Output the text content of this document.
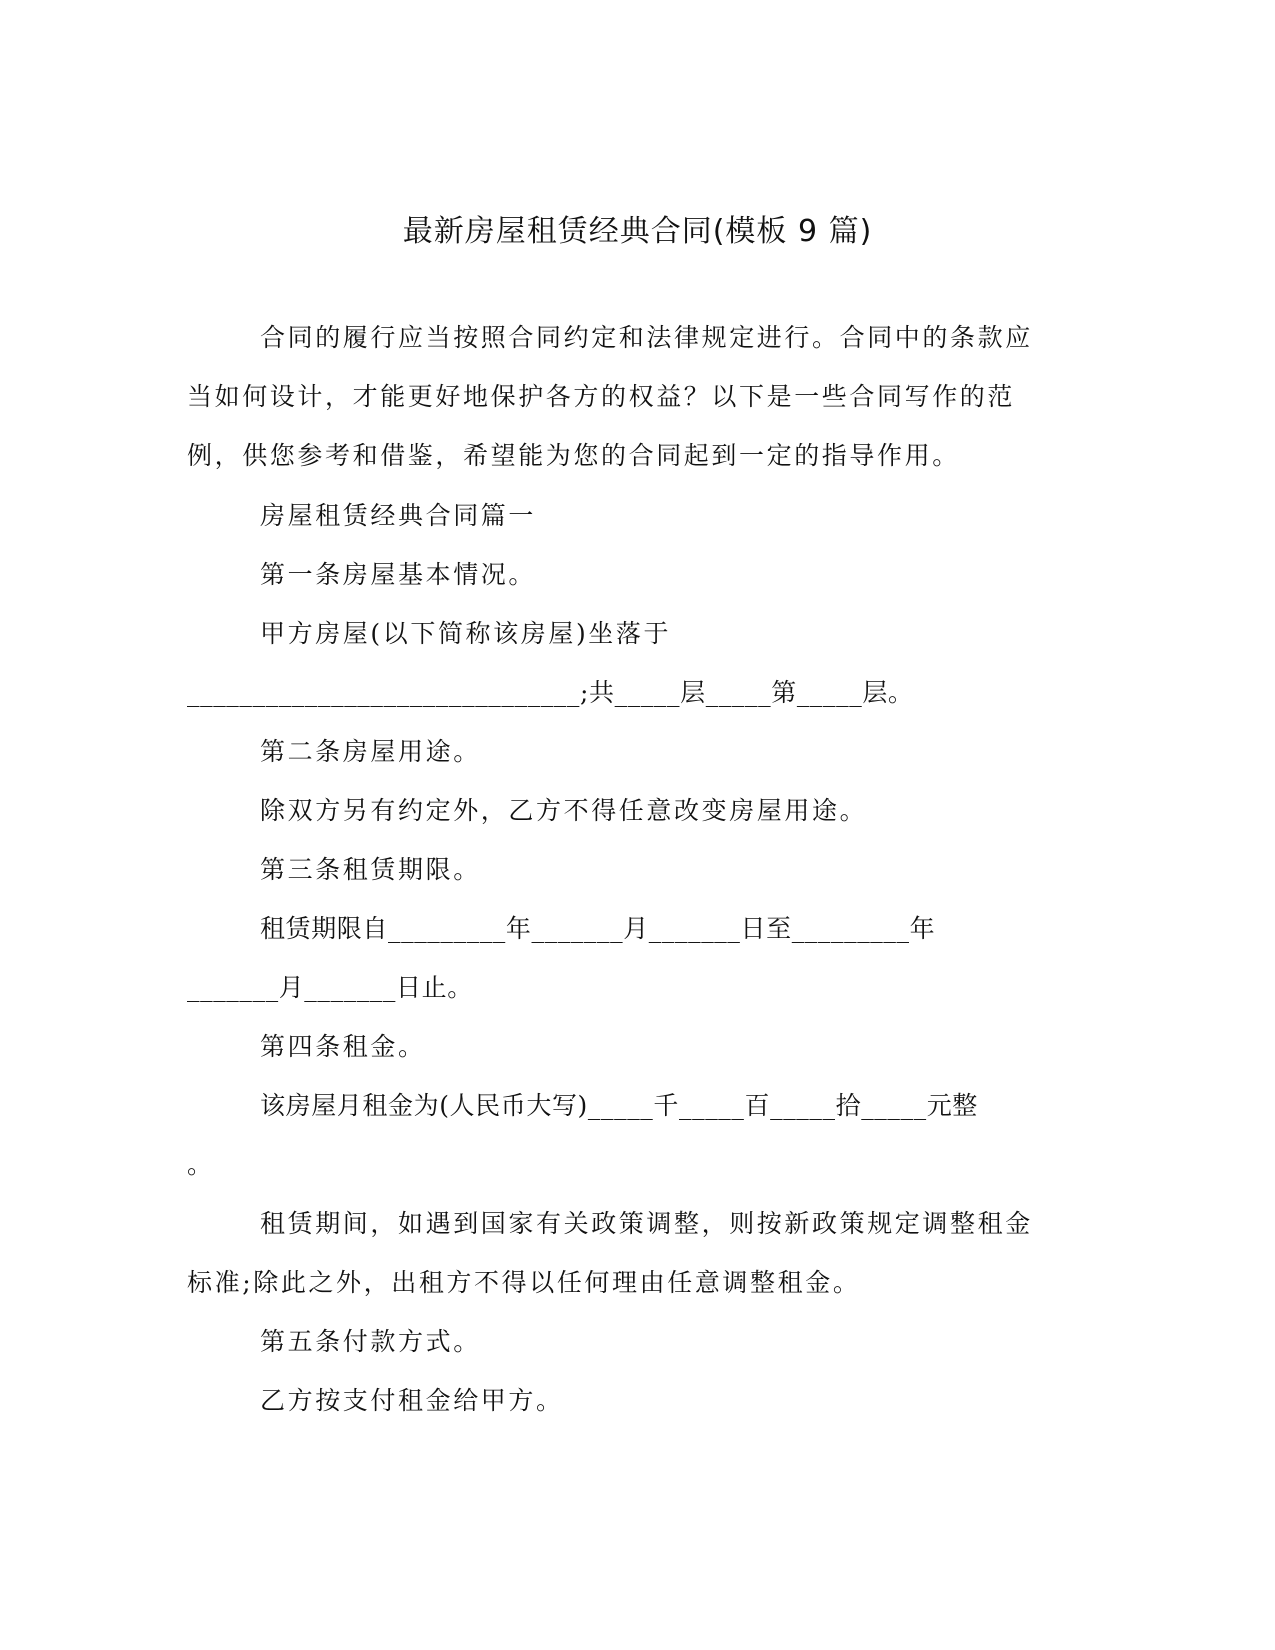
最新房屋租赁经典合同(模板 9 篇)
合同的履行应当按照合同约定和法律规定进行。合同中的条款应
当如何设计，才能更好地保护各方的权益？以下是一些合同写作的范
例，供您参考和借鉴，希望能为您的合同起到一定的指导作用。
房屋租赁经典合同篇一
第一条房屋基本情况。
甲方房屋(以下简称该房屋)坐落于
______________________________;共_____层_____第_____层。
第二条房屋用途。
除双方另有约定外，乙方不得任意改变房屋用途。
第三条租赁期限。
租赁期限自_________年_______月_______日至_________年
_______月_______日止。
第四条租金。
该房屋月租金为(人民币大写)_____千_____百_____拾_____元整
。
租赁期间，如遇到国家有关政策调整，则按新政策规定调整租金
标准;除此之外，出租方不得以任何理由任意调整租金。
第五条付款方式。
乙方按支付租金给甲方。
